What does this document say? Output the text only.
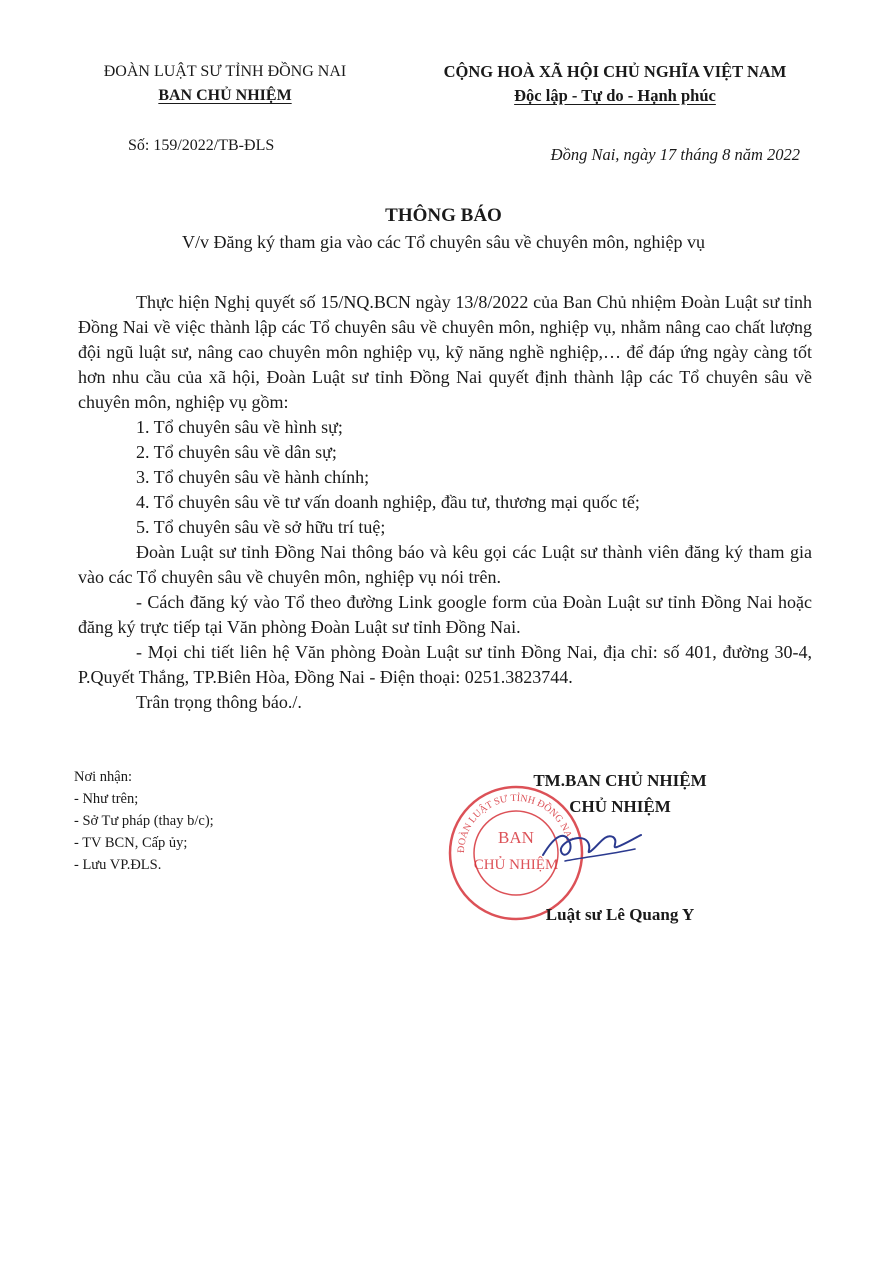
ĐOÀN LUẬT SƯ TỈNH ĐỒNG NAI
BAN CHỦ NHIỆM
CỘNG HOÀ XÃ HỘI CHỦ NGHĨA VIỆT NAM
Độc lập - Tự do - Hạnh phúc
Số: 159/2022/TB-ĐLS	Đồng Nai, ngày 17 tháng 8 năm 2022
THÔNG BÁO
V/v Đăng ký tham gia vào các Tổ chuyên sâu về chuyên môn, nghiệp vụ

Thực hiện Nghị quyết số 15/NQ.BCN ngày 13/8/2022 của Ban Chủ nhiệm Đoàn Luật sư tỉnh Đồng Nai về việc thành lập các Tổ chuyên sâu về chuyên môn, nghiệp vụ, nhằm nâng cao chất lượng đội ngũ luật sư, nâng cao chuyên môn nghiệp vụ, kỹ năng nghề nghiệp,… để đáp ứng ngày càng tốt hơn nhu cầu của xã hội, Đoàn Luật sư tỉnh Đồng Nai quyết định thành lập các Tổ chuyên sâu về chuyên môn, nghiệp vụ gồm:

1. Tổ chuyên sâu về hình sự;

2. Tổ chuyên sâu về dân sự;

3. Tổ chuyên sâu về hành chính;

4. Tổ chuyên sâu về tư vấn doanh nghiệp, đầu tư, thương mại quốc tế;

5. Tổ chuyên sâu về sở hữu trí tuệ;

Đoàn Luật sư tỉnh Đồng Nai thông báo và kêu gọi các Luật sư thành viên đăng ký tham gia vào các Tổ chuyên sâu về chuyên môn, nghiệp vụ nói trên.

- Cách đăng ký vào Tổ theo đường Link google form của Đoàn Luật sư tỉnh Đồng Nai hoặc đăng ký trực tiếp tại Văn phòng Đoàn Luật sư tỉnh Đồng Nai.

- Mọi chi tiết liên hệ Văn phòng Đoàn Luật sư tỉnh Đồng Nai, địa chỉ: số 401, đường 30-4, P.Quyết Thắng, TP.Biên Hòa, Đồng Nai - Điện thoại: 0251.3823744.

Trân trọng thông báo./.

Nơi nhận:
- Như trên;
- Sở Tư pháp (thay b/c);
- TV BCN, Cấp ủy;
- Lưu VP.ĐLS.
TM.BAN CHỦ NHIỆM
CHỦ NHIỆM
ĐOÀN LUẬT SƯ TỈNH ĐỒNG NAI
BAN
CHỦ NHIỆM
Luật sư Lê Quang Y
